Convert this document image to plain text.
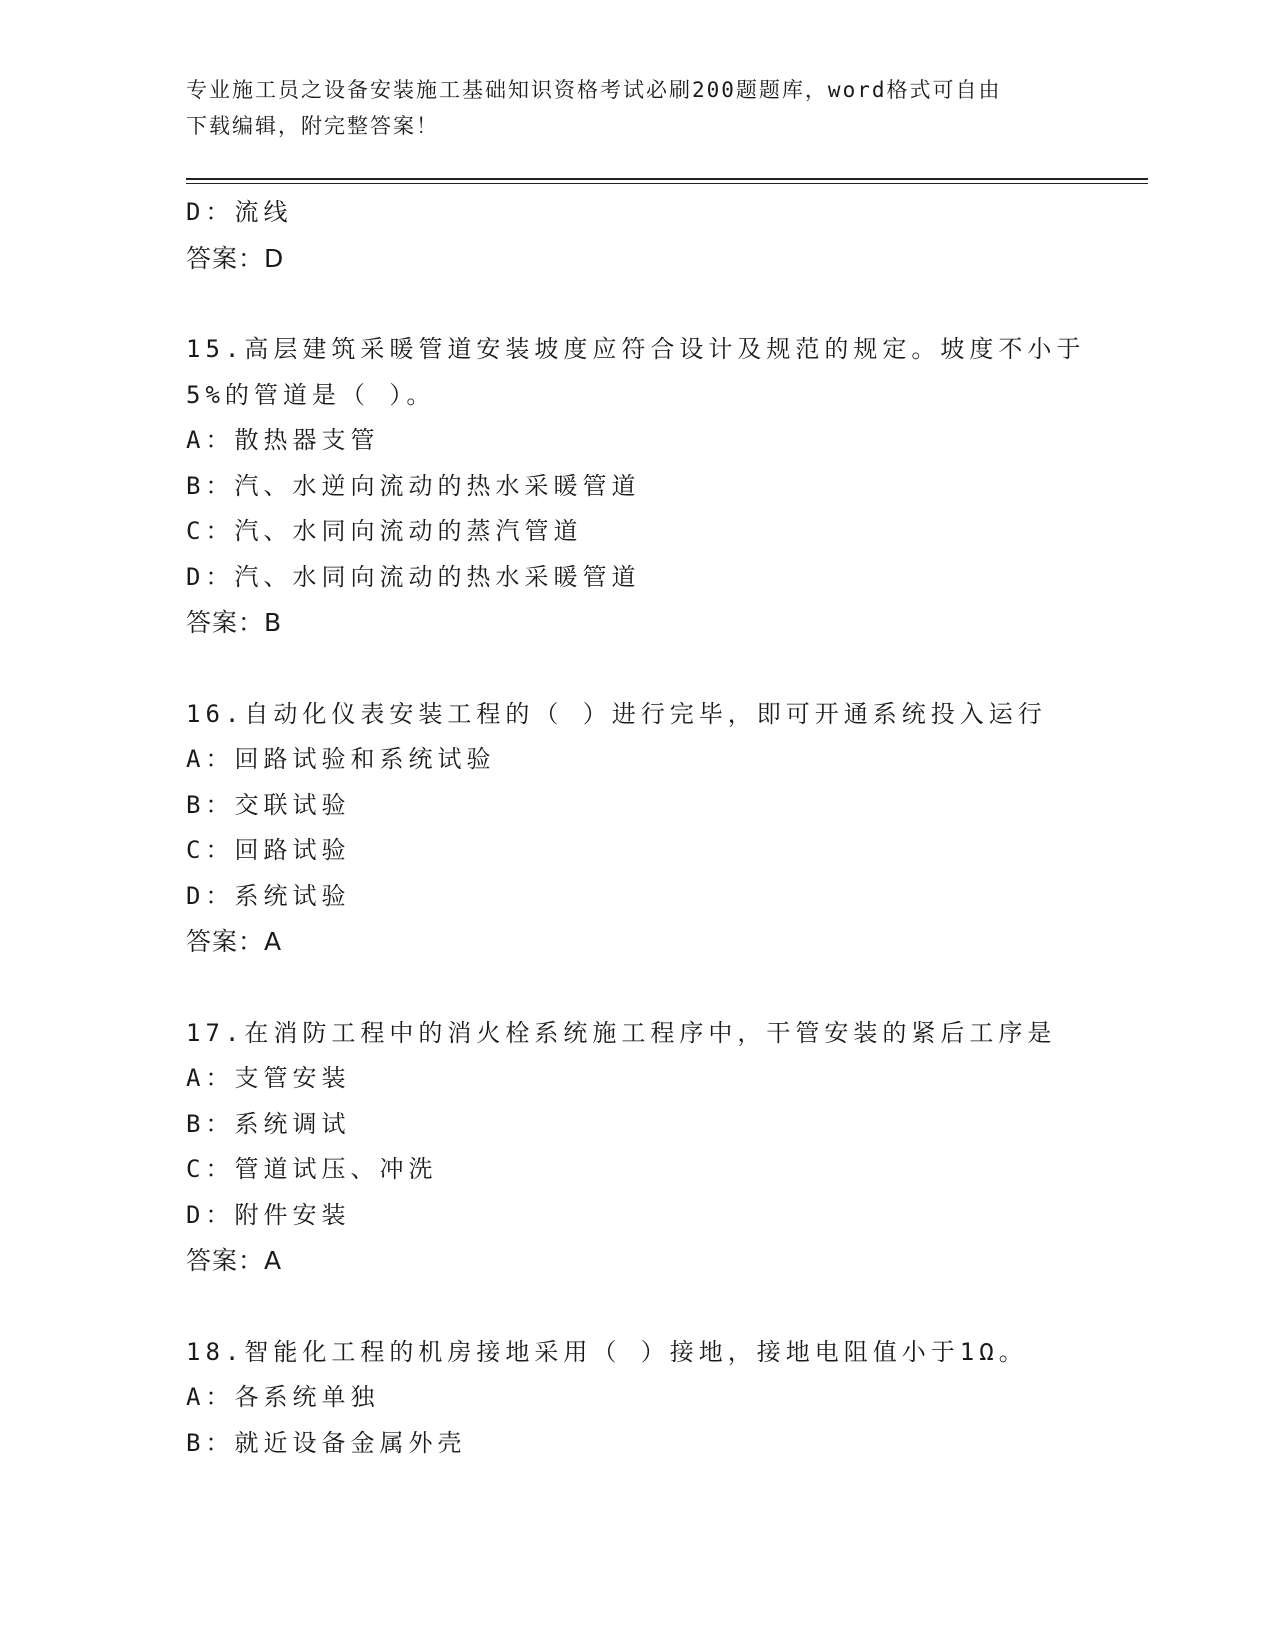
专业施工员之设备安装施工基础知识资格考试必刷200题题库，word格式可自由
下载编辑，附完整答案！
D：流线
答案：D
15.高层建筑采暖管道安装坡度应符合设计及规范的规定。坡度不小于
5%的管道是（ ）。
A：散热器支管
B：汽、水逆向流动的热水采暖管道
C：汽、水同向流动的蒸汽管道
D：汽、水同向流动的热水采暖管道
答案：B
16.自动化仪表安装工程的（ ）进行完毕，即可开通系统投入运行
A：回路试验和系统试验
B：交联试验
C：回路试验
D：系统试验
答案：A
17.在消防工程中的消火栓系统施工程序中，干管安装的紧后工序是
A：支管安装
B：系统调试
C：管道试压、冲洗
D：附件安装
答案：A
18.智能化工程的机房接地采用（ ）接地，接地电阻值小于1Ω。
A：各系统单独
B：就近设备金属外壳
